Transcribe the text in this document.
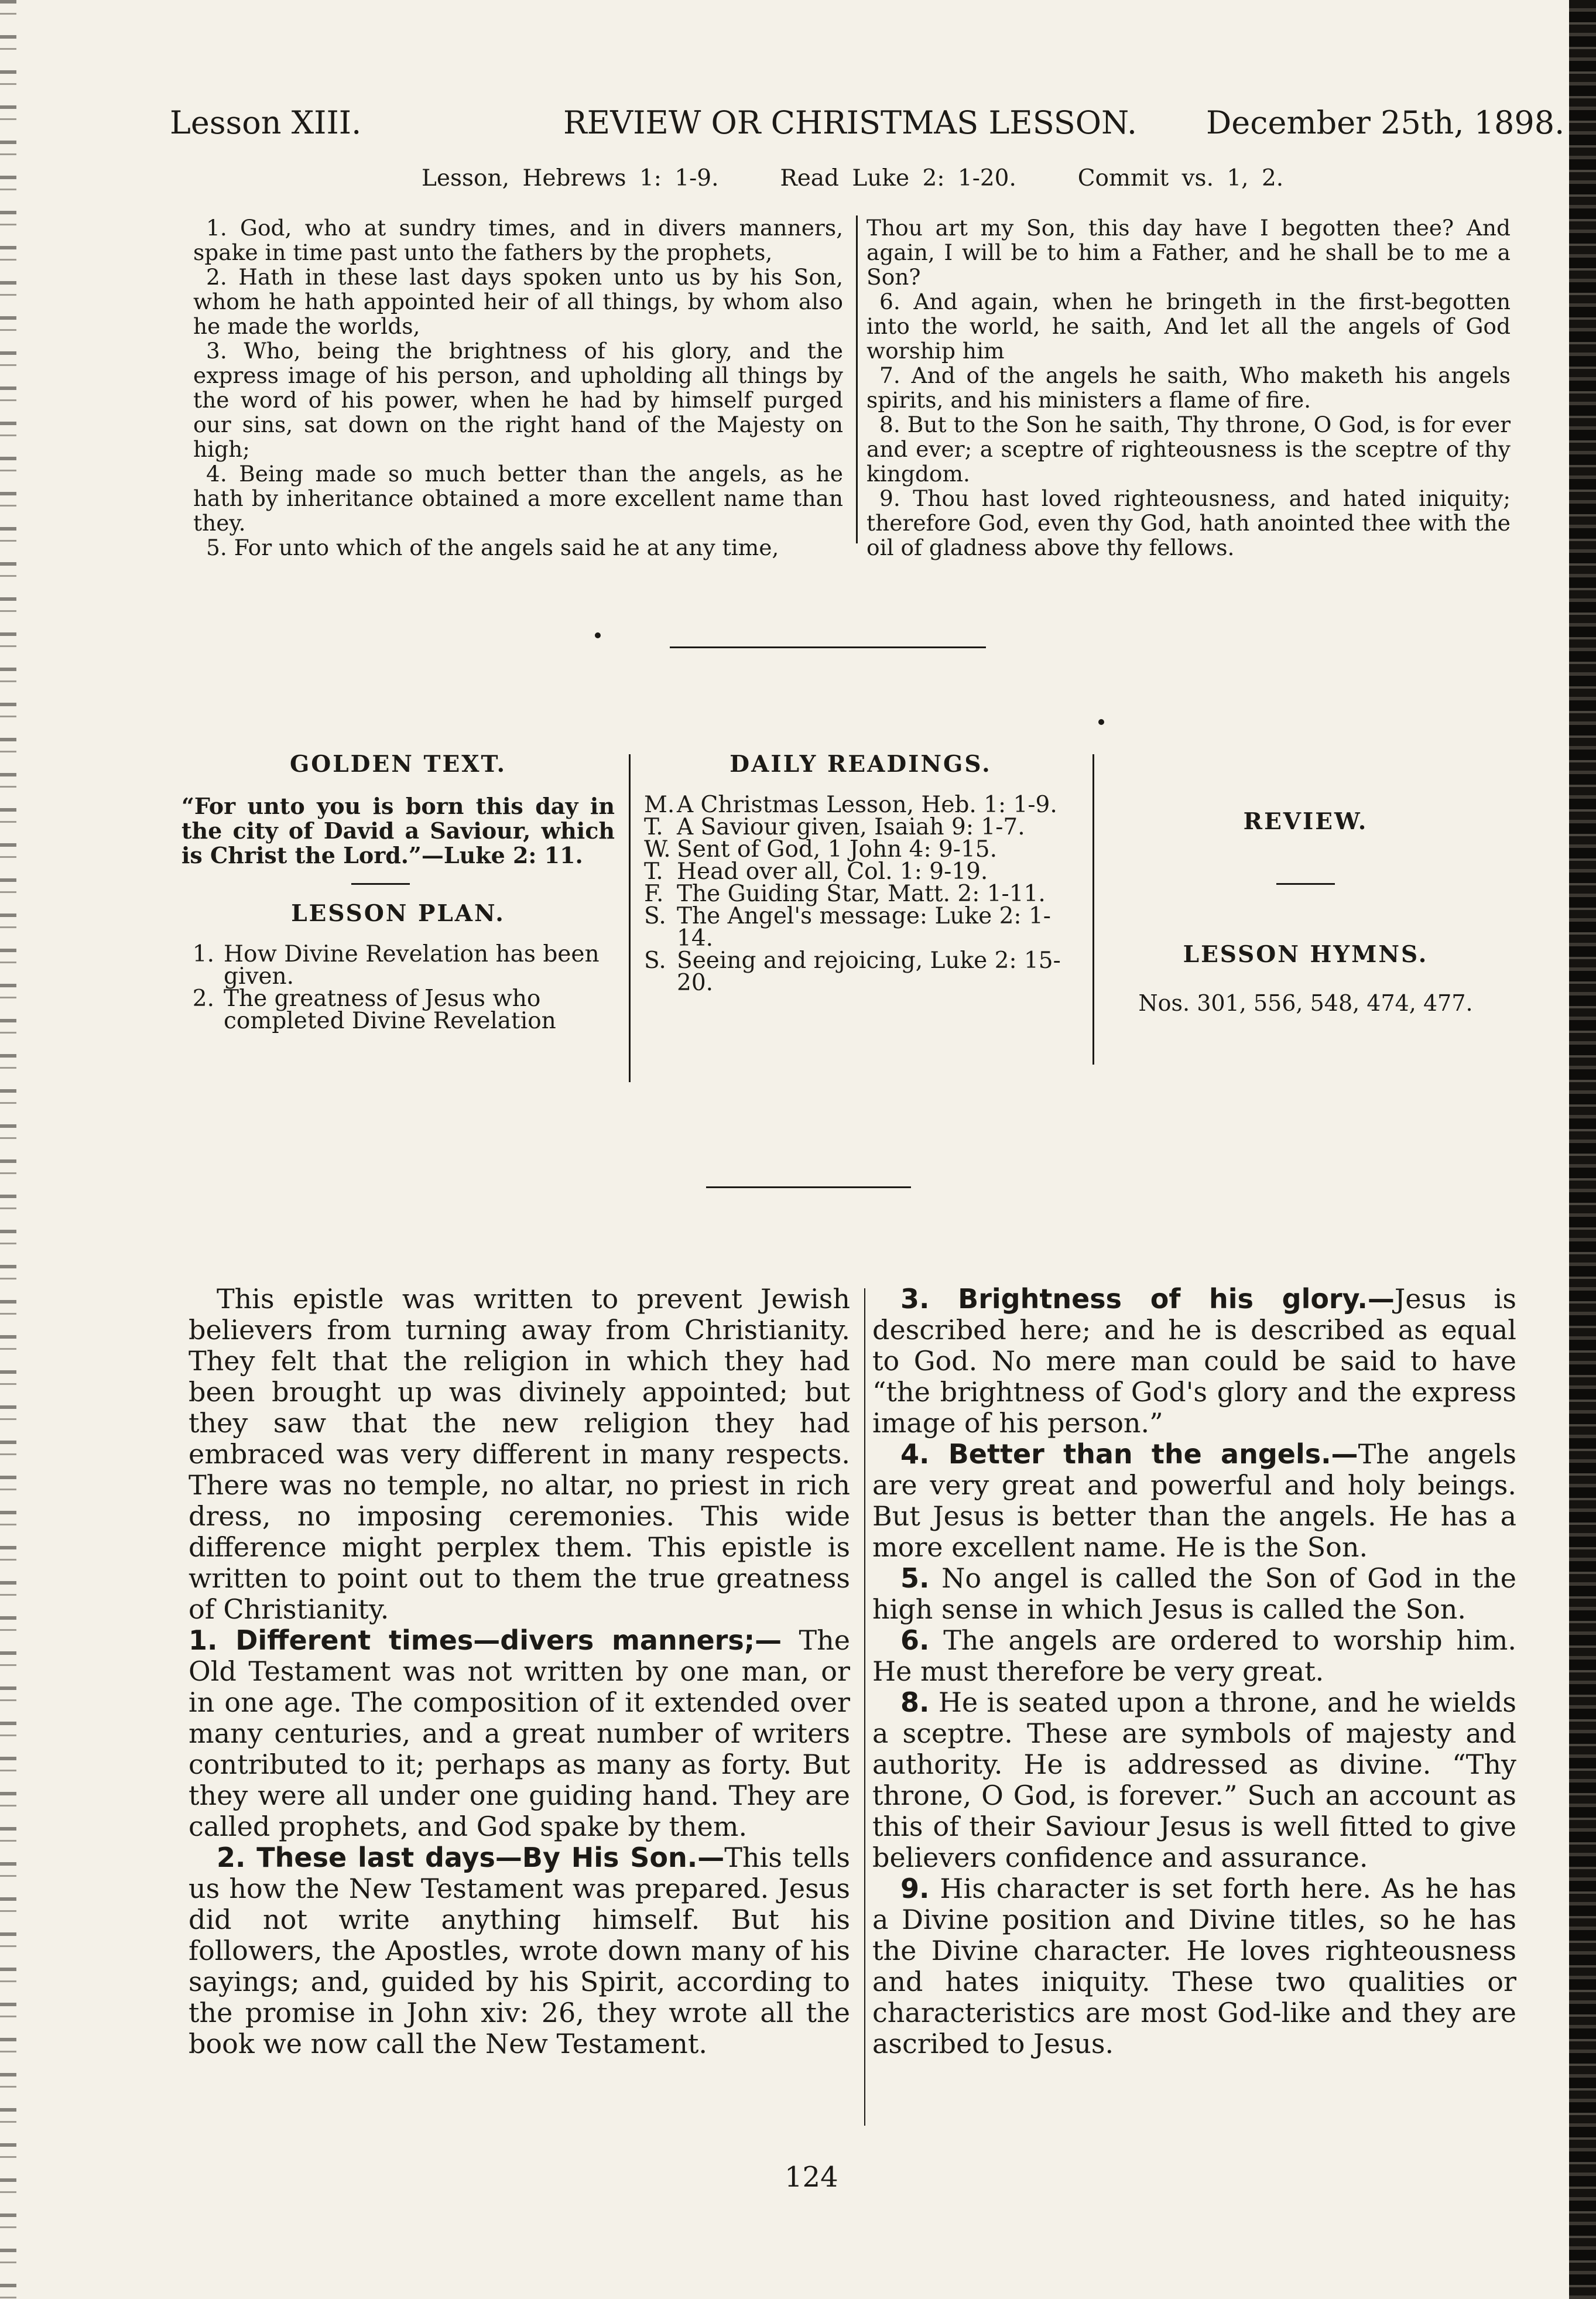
Lesson XIII.	REVIEW OR CHRISTMAS LESSON. December 25th, 1898.
Lesson, Hebrews 1: 1-9.	Read Luke 2: 1-20.	Commit vs. 1, 2.

1. God, who at sundry times, and in divers manners, spake in time past unto the fathers by the prophets,

2. Hath in these last days spoken unto us by his Son, whom he hath appointed heir of all things, by whom also he made the worlds,

3. Who, being the brightness of his glory, and the express image of his person, and upholding all things by the word of his power, when he had by himself purged our sins, sat down on the right hand of the Majesty on high;

4. Being made so much better than the angels, as he hath by inheritance obtained a more excellent name than they.

5. For unto which of the angels said he at any time,

Thou art my Son, this day have I begotten thee? And again, I will be to him a Father, and he shall be to me a Son?

6. And again, when he bringeth in the first-begotten into the world, he saith, And let all the angels of God worship him

7. And of the angels he saith, Who maketh his angels spirits, and his ministers a flame of fire.

8. But to the Son he saith, Thy throne, O God, is for ever and ever; a sceptre of righteousness is the sceptre of thy kingdom.

9. Thou hast loved righteousness, and hated iniquity; therefore God, even thy God, hath anointed thee with the oil of gladness above thy fellows.

GOLDEN TEXT.
“For unto you is born this day in the city of David a Saviour, which is Christ the Lord.”—Luke 2: 11.
LESSON PLAN.
1. How Divine Revelation has been given.
2. The greatness of Jesus who completed Divine Revelation
DAILY READINGS.
M. A Christmas Lesson, Heb. 1: 1-9.
T. A Saviour given, Isaiah 9: 1-7.
W. Sent of God, 1 John 4: 9-15.
T. Head over all, Col. 1: 9-19.
F. The Guiding Star, Matt. 2: 1-11.
S. The Angel's message: Luke 2: 1-14.
S. Seeing and rejoicing, Luke 2: 15-20.
REVIEW.
LESSON HYMNS.
Nos. 301, 556, 548, 474, 477.

This epistle was written to prevent Jewish believers from turning away from Christianity. They felt that the religion in which they had been brought up was divinely appointed; but they saw that the new religion they had embraced was very different in many respects. There was no temple, no altar, no priest in rich dress, no imposing ceremonies. This wide difference might perplex them. This epistle is written to point out to them the true greatness of Christianity.

1. Different times—divers manners;— The Old Testament was not written by one man, or in one age. The composition of it extended over many centuries, and a great number of writers contributed to it; perhaps as many as forty. But they were all under one guiding hand. They are called prophets, and God spake by them.

2. These last days—By His Son.—This tells us how the New Testament was prepared. Jesus did not write anything himself. But his followers, the Apostles, wrote down many of his sayings; and, guided by his Spirit, according to the promise in John xiv: 26, they wrote all the book we now call the New Testament.

3. Brightness of his glory.—Jesus is described here; and he is described as equal to God. No mere man could be said to have “the brightness of God's glory and the express image of his person.”

4. Better than the angels.—The angels are very great and powerful and holy beings. But Jesus is better than the angels. He has a more excellent name. He is the Son.

5. No angel is called the Son of God in the high sense in which Jesus is called the Son.

6. The angels are ordered to worship him. He must therefore be very great.

8. He is seated upon a throne, and he wields a sceptre. These are symbols of majesty and authority. He is addressed as divine. “Thy throne, O God, is forever.” Such an account as this of their Saviour Jesus is well fitted to give believers confidence and assurance.

9. His character is set forth here. As he has a Divine position and Divine titles, so he has the Divine character. He loves righteousness and hates iniquity. These two qualities or characteristics are most God-like and they are ascribed to Jesus.

124
